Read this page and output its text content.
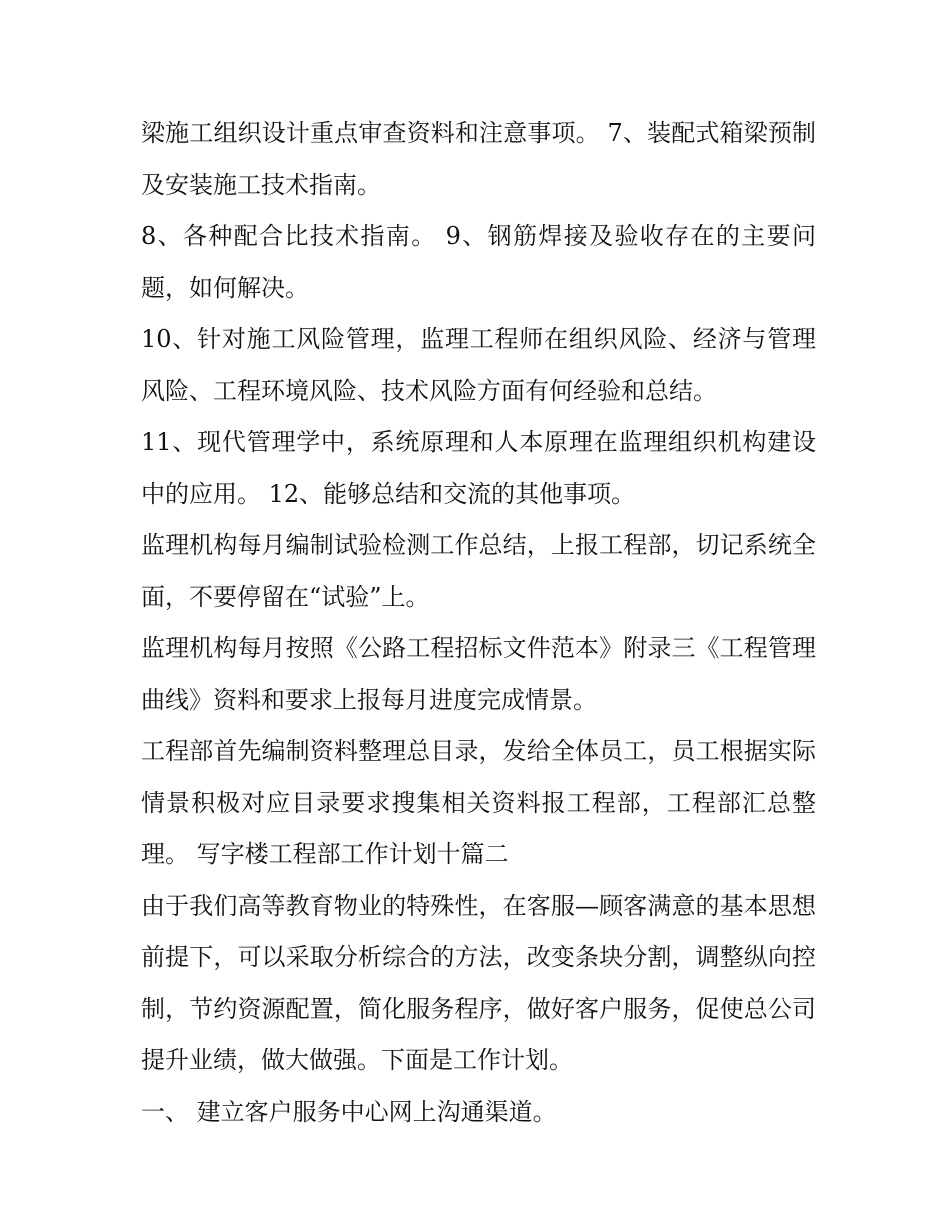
梁施工组织设计重点审查资料和注意事项。 7、装配式箱梁预制及安装施工技术指南。

8、各种配合比技术指南。 9、钢筋焊接及验收存在的主要问题，如何解决。

10、针对施工风险管理，监理工程师在组织风险、经济与管理风险、工程环境风险、技术风险方面有何经验和总结。

11、现代管理学中，系统原理和人本原理在监理组织机构建设中的应用。 12、能够总结和交流的其他事项。

监理机构每月编制试验检测工作总结，上报工程部，切记系统全面，不要停留在“试验”上。

监理机构每月按照《公路工程招标文件范本》附录三《工程管理曲线》资料和要求上报每月进度完成情景。

工程部首先编制资料整理总目录，发给全体员工，员工根据实际情景积极对应目录要求搜集相关资料报工程部，工程部汇总整理。 写字楼工程部工作计划十篇二

由于我们高等教育物业的特殊性，在客服—顾客满意的基本思想前提下，可以采取分析综合的方法，改变条块分割，调整纵向控制，节约资源配置，简化服务程序，做好客户服务，促使总公司提升业绩，做大做强。下面是工作计划。

一、 建立客户服务中心网上沟通渠道。
